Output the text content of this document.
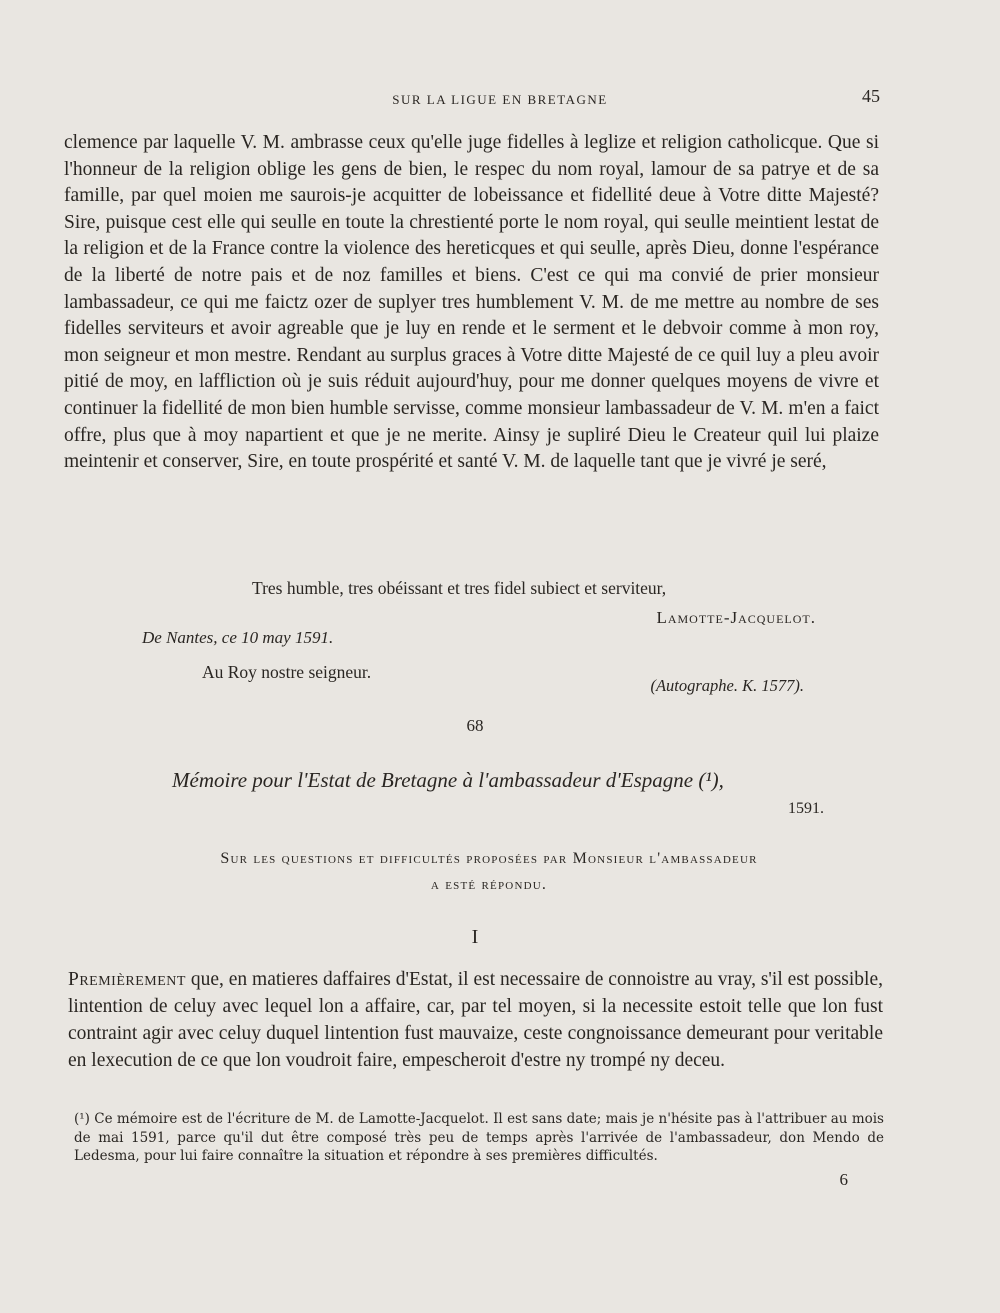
SUR LA LIGUE EN BRETAGNE	45

clemence par laquelle V. M. ambrasse ceux qu'elle juge fidelles à leglize et religion catholicque. Que si l'honneur de la religion oblige les gens de bien, le respec du nom royal, lamour de sa patrye et de sa famille, par quel moien me saurois-je acquitter de lobeissance et fidellité deue à Votre ditte Majesté? Sire, puisque cest elle qui seulle en toute la chrestienté porte le nom royal, qui seulle meintient lestat de la religion et de la France contre la violence des hereticques et qui seulle, après Dieu, donne l'espérance de la liberté de notre pais et de noz familles et biens. C'est ce qui ma convié de prier monsieur lambassadeur, ce qui me faictz ozer de suplyer tres humblement V. M. de me mettre au nombre de ses fidelles serviteurs et avoir agreable que je luy en rende et le serment et le debvoir comme à mon roy, mon seigneur et mon mestre. Rendant au surplus graces à Votre ditte Majesté de ce quil luy a pleu avoir pitié de moy, en laffliction où je suis réduit aujourd'huy, pour me donner quelques moyens de vivre et continuer la fidellité de mon bien humble servisse, comme monsieur lambassadeur de V. M. m'en a faict offre, plus que à moy napartient et que je ne merite. Ainsy je supliré Dieu le Createur quil lui plaize meintenir et conserver, Sire, en toute prospérité et santé V. M. de laquelle tant que je vivré je seré,

Tres humble, tres obéissant et tres fidel subiect et serviteur,
Lamotte-Jacquelot.
De Nantes, ce 10 may 1591.
Au Roy nostre seigneur.
(Autographe. K. 1577).
68
Mémoire pour l'Estat de Bretagne à l'ambassadeur d'Espagne (¹),
1591.
Sur les questions et difficultés proposées par Monsieur l'ambassadeur
a esté répondu.
I

Premièrement que, en matieres daffaires d'Estat, il est necessaire de connoistre au vray, s'il est possible, lintention de celuy avec lequel lon a affaire, car, par tel moyen, si la necessite estoit telle que lon fust contraint agir avec celuy duquel lintention fust mauvaize, ceste congnoissance demeurant pour veritable en lexecution de ce que lon voudroit faire, empescheroit d'estre ny trompé ny deceu.

(¹) Ce mémoire est de l'écriture de M. de Lamotte-Jacquelot. Il est sans date; mais je n'hésite pas à l'attribuer au mois de mai 1591, parce qu'il dut être composé très peu de temps après l'arrivée de l'ambassadeur, don Mendo de Ledesma, pour lui faire connaître la situation et répondre à ses premières difficultés.

6
